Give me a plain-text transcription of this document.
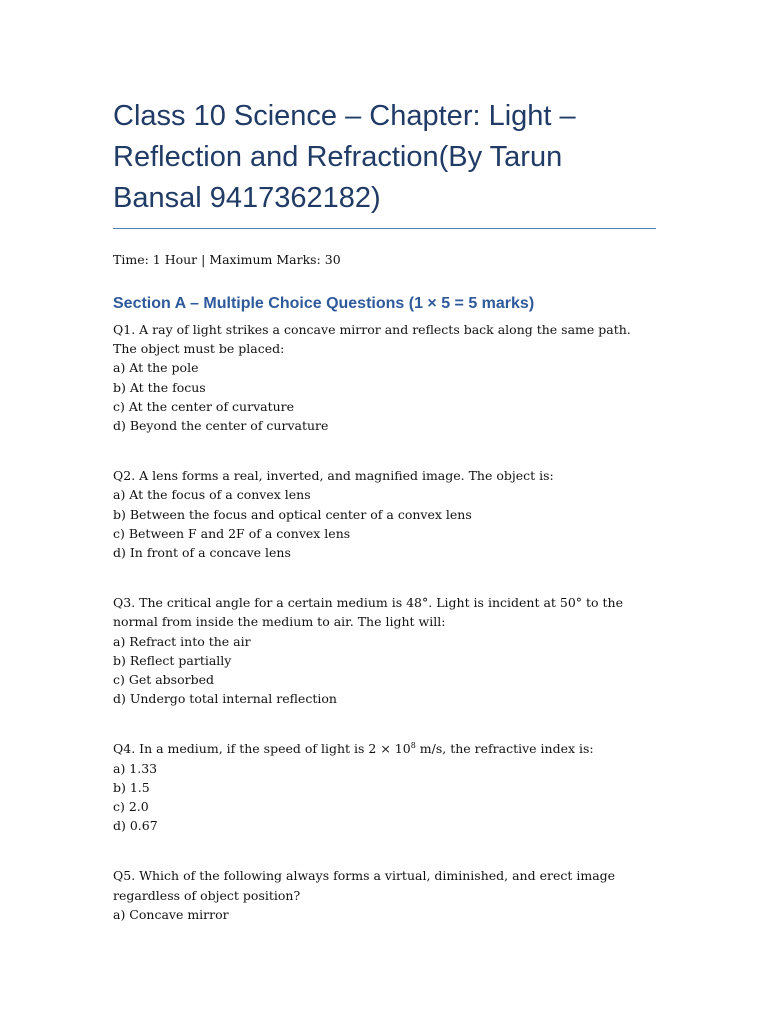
Class 10 Science – Chapter: Light – Reflection and Refraction(By Tarun Bansal 9417362182)
Time: 1 Hour | Maximum Marks: 30
Section A – Multiple Choice Questions (1 × 5 = 5 marks)
Q1. A ray of light strikes a concave mirror and reflects back along the same path. The object must be placed:
a) At the pole
b) At the focus
c) At the center of curvature
d) Beyond the center of curvature
Q2. A lens forms a real, inverted, and magnified image. The object is:
a) At the focus of a convex lens
b) Between the focus and optical center of a convex lens
c) Between F and 2F of a convex lens
d) In front of a concave lens
Q3. The critical angle for a certain medium is 48°. Light is incident at 50° to the normal from inside the medium to air. The light will:
a) Refract into the air
b) Reflect partially
c) Get absorbed
d) Undergo total internal reflection
Q4. In a medium, if the speed of light is $2 \times 10^8$ m/s, the refractive index is:
a) 1.33
b) 1.5
c) 2.0
d) 0.67
Q5. Which of the following always forms a virtual, diminished, and erect image regardless of object position?
a) Concave mirror
